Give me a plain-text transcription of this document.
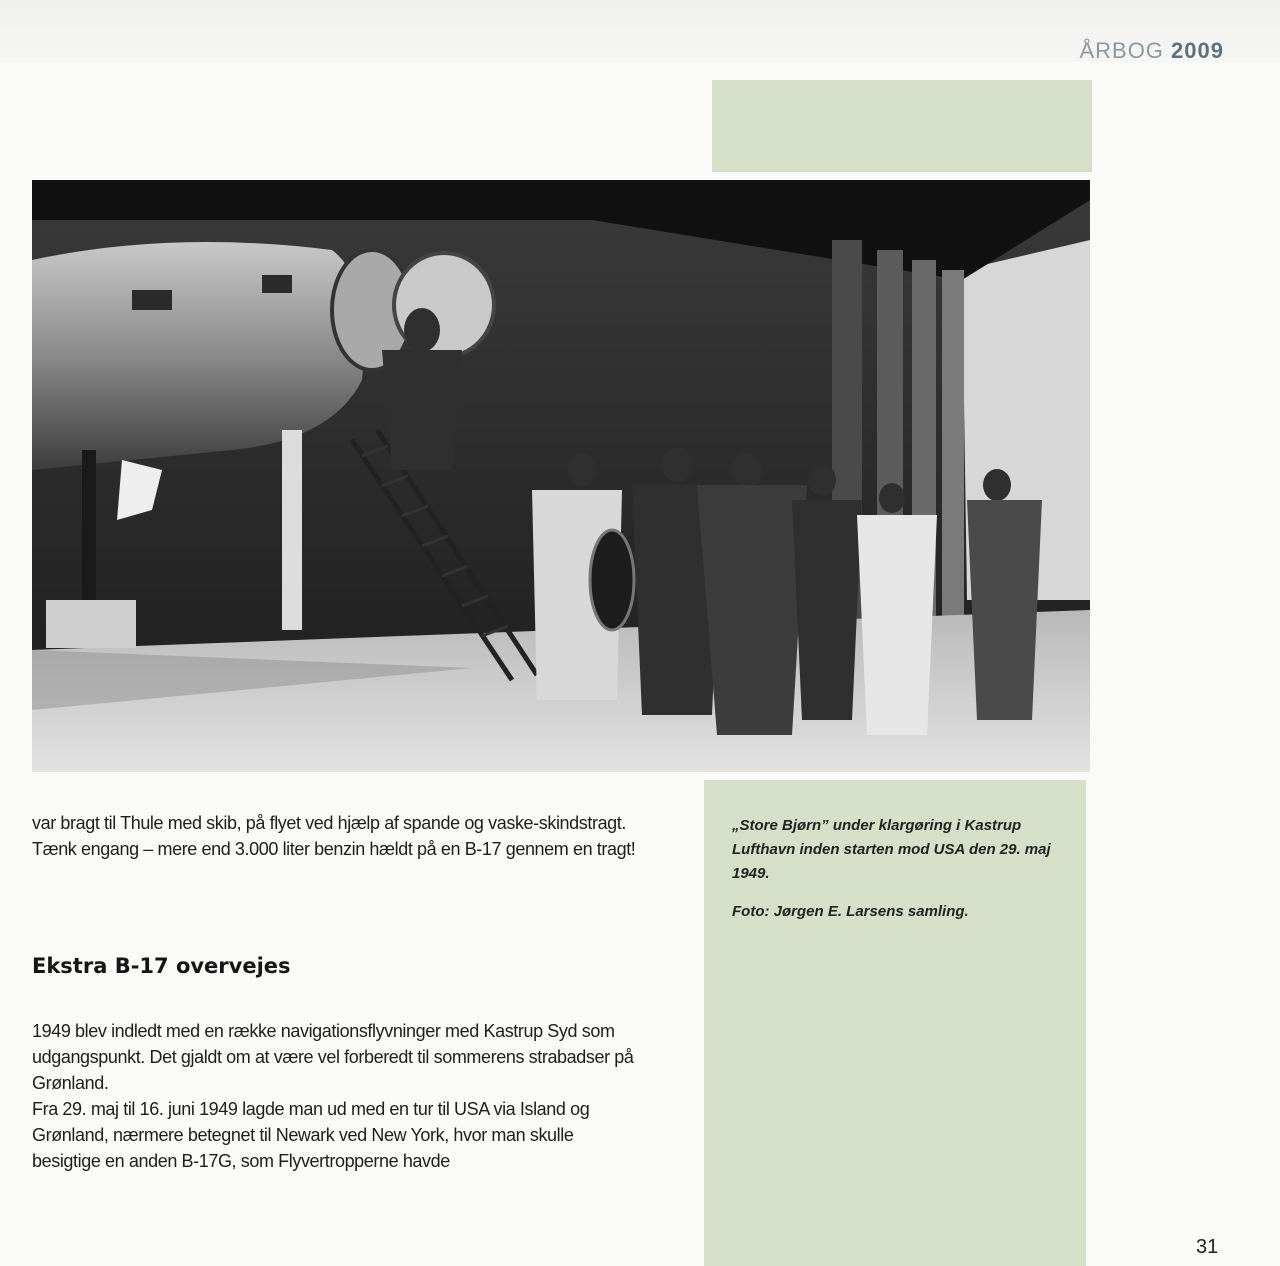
ÅRBOG 2009

„Store Bjørn” under klargøring i Kastrup Lufthavn inden starten mod USA den 29. maj 1949.

Foto: Jørgen E. Larsens samling.

var bragt til Thule med skib, på flyet ved hjælp af spande og vaske-skindstragt. Tænk engang – mere end 3.000 liter benzin hældt på en B-17 gennem en tragt!

Ekstra B-17 overvejes

1949 blev indledt med en række navigationsflyvninger med Kastrup Syd som udgangspunkt. Det gjaldt om at være vel forberedt til sommerens strabadser på Grønland.

Fra 29. maj til 16. juni 1949 lagde man ud med en tur til USA via Island og Grønland, nærmere betegnet til Newark ved New York, hvor man skulle besigtige en anden B-17G, som Flyvertropperne havde

31
